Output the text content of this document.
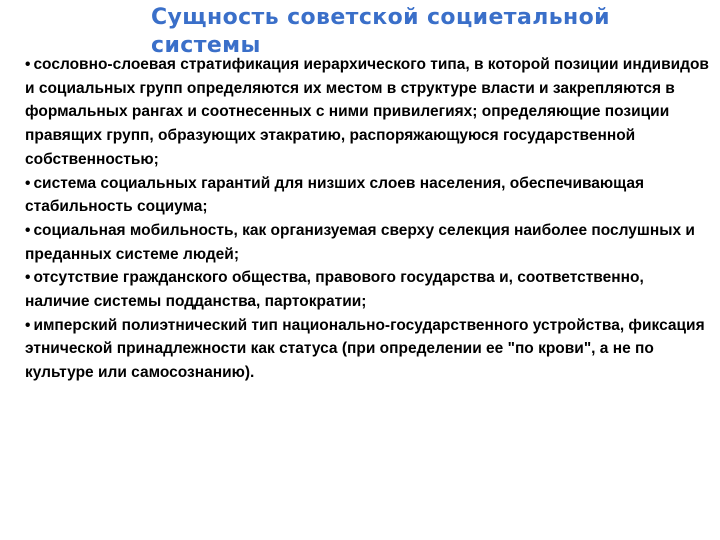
Сущность советской социетальной системы
• сословно-слоевая стратификация иерархического типа, в которой позиции индивидов и социальных групп определяются их местом в структуре власти и закрепляются в формальных рангах и соотнесенных с ними привилегиях; определяющие позиции правящих групп, образующих этакратию, распоряжающуюся государственной собственностью;
• система социальных гарантий для низших слоев населения, обеспечивающая стабильность социума;
• социальная мобильность, как организуемая сверху селекция наиболее послушных и преданных системе людей;
• отсутствие гражданского общества, правового государства и, соответственно, наличие системы подданства, партократии;
• имперский полиэтнический тип национально-государственного устройства, фиксация этнической принадлежности как статуса (при определении ее "по крови", а не по культуре или самосознанию).
